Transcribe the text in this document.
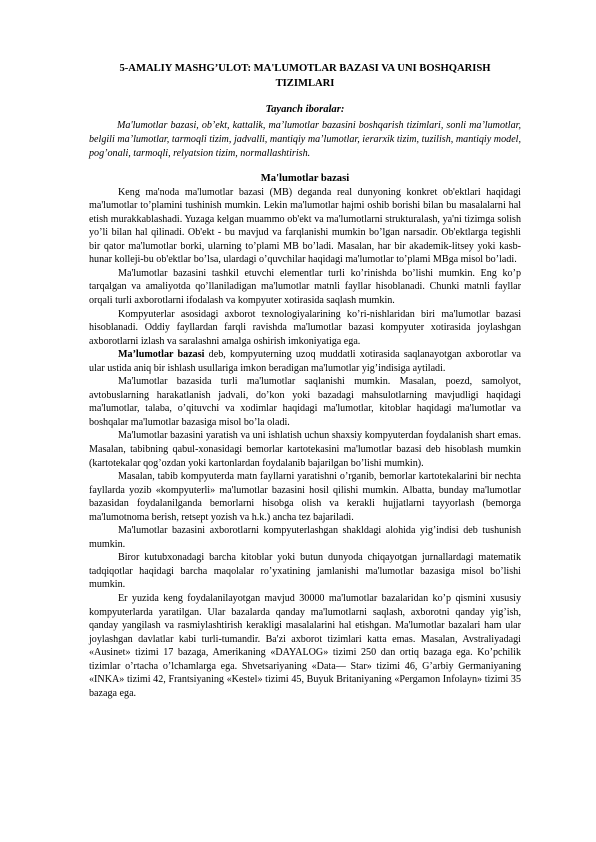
5-AMALIY MASHG’ULOT: MA'LUMOTLAR BAZASI VA UNI BOSHQARISH TIZIMLARI
Tayanch iboralar:

Ma'lumotlar bazasi, ob’ekt, kattalik, ma’lumotlar bazasini boshqarish tizimlari, sonli ma’lumotlar, belgili ma’lumotlar, tarmoqli tizim, jadvalli, mantiqiy ma’lumotlar, ierarxik tizim, tuzilish, mantiqiy model, pog’onali, tarmoqli, relyatsion tizim, normallashtirish.

Ma'lumotlar bazasi

Keng ma'noda ma'lumotlar bazasi (MB) deganda real dunyoning konkret ob'ektlari haqidagi ma'lumotlar to’plamini tushinish mumkin. Lekin ma'lumotlar hajmi oshib borishi bilan bu masalalarni hal etish murakkablashadi. Yuzaga kelgan muammo ob'ekt va ma'lumotlarni strukturalash, ya'ni tizimga solish yo’li bilan hal qilinadi. Ob'ekt - bu mavjud va farqlanishi mumkin bo’lgan narsadir. Ob'ektlarga tegishli bir qator ma'lumotlar borki, ularning to’plami MB bo’ladi. Masalan, har bir akademik-litsey yoki kasb-hunar kolleji-bu ob'ektlar bo’lsa, ulardagi o’quvchilar haqidagi ma'lumotlar to’plami MBga misol bo’ladi.

Ma'lumotlar bazasini tashkil etuvchi elementlar turli ko’rinishda bo’lishi mumkin. Eng ko’p tarqalgan va amaliyotda qo’llaniladigan ma'lumotlar matnli fayllar hisoblanadi. Chunki matnli fayllar orqali turli axborotlarni ifodalash va kompyuter xotirasida saqlash mumkin.

Kompyuterlar asosidagi axborot texnologiyalarining ko’ri-nishlaridan biri ma'lumotlar bazasi hisoblanadi. Oddiy fayllardan farqli ravishda ma'lumotlar bazasi kompyuter xotirasida joylashgan axborotlarni izlash va saralashni amalga oshirish imkoniyatiga ega.

Ma’lumotlar bazasi deb, kompyuterning uzoq muddatli xotirasida saqlanayotgan axborotlar va ular ustida aniq bir ishlash usullariga imkon beradigan ma'lumotlar yig’indisiga aytiladi.

Ma'lumotlar bazasida turli ma'lumotlar saqlanishi mumkin. Masalan, poezd, samolyot, avtobuslarning harakatlanish jadvali, do’kon yoki bazadagi mahsulotlarning mavjudligi haqidagi ma'lumotlar, talaba, o’qituvchi va xodimlar haqidagi ma'lumotlar, kitoblar haqidagi ma'lumotlar va boshqalar ma'lumotlar bazasiga misol bo’la oladi.

Ma'lumotlar bazasini yaratish va uni ishlatish uchun shaxsiy kompyuterdan foydalanish shart emas. Masalan, tabibning qabul-xonasidagi bemorlar kartotekasini ma'lumotlar bazasi deb hisoblash mumkin (kartotekalar qog’ozdan yoki kartonlardan foydalanib bajarilgan bo’lishi mumkin).

Masalan, tabib kompyuterda matn fayllarni yaratishni o’rganib, bemorlar kartotekalarini bir nechta fayllarda yozib «kompyuterli» ma'lumotlar bazasini hosil qilishi mumkin. Albatta, bunday ma'lumotlar bazasidan foydalanilganda bemorlarni hisobga olish va kerakli hujjatlarni tayyorlash (bemorga ma'lumotnoma berish, retsept yozish va h.k.) ancha tez bajariladi.

Ma'lumotlar bazasini axborotlarni kompyuterlashgan shakldagi alohida yig’indisi deb tushunish mumkin.

Biror kutubxonadagi barcha kitoblar yoki butun dunyoda chiqayotgan jurnallardagi matematik tadqiqotlar haqidagi barcha maqolalar ro’yxatining jamlanishi ma'lumotlar bazasiga misol bo’lishi mumkin.

Er yuzida keng foydalanilayotgan mavjud 30000 ma'lumotlar bazalaridan ko’p qismini xususiy kompyuterlarda yaratilgan. Ular bazalarda qanday ma'lumotlarni saqlash, axborotni qanday yig’ish, qanday yangilash va rasmiylashtirish kerakligi masalalarini hal etishgan. Ma'lumotlar bazalari ham ular joylashgan davlatlar kabi turli-tumandir. Ba'zi axborot tizimlari katta emas. Masalan, Avstraliyadagi «Ausinet» tizimi 17 bazaga, Amerikaning «DAYALOG» tizimi 250 dan ortiq bazaga ega. Ko’pchilik tizimlar o’rtacha o’lchamlarga ega. Shvetsariyaning «Data— Star» tizimi 46, G’arbiy Germaniyaning «INKA» tizimi 42, Frantsiyaning «Kestel» tizimi 45, Buyuk Britaniyaning «Pergamon Infolayn» tizimi 35 bazaga ega.
